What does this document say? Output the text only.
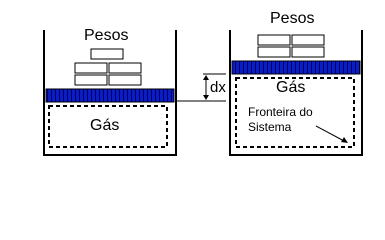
Pesos
Pesos
Gás
Gás
dx
Fronteira do
Sistema
